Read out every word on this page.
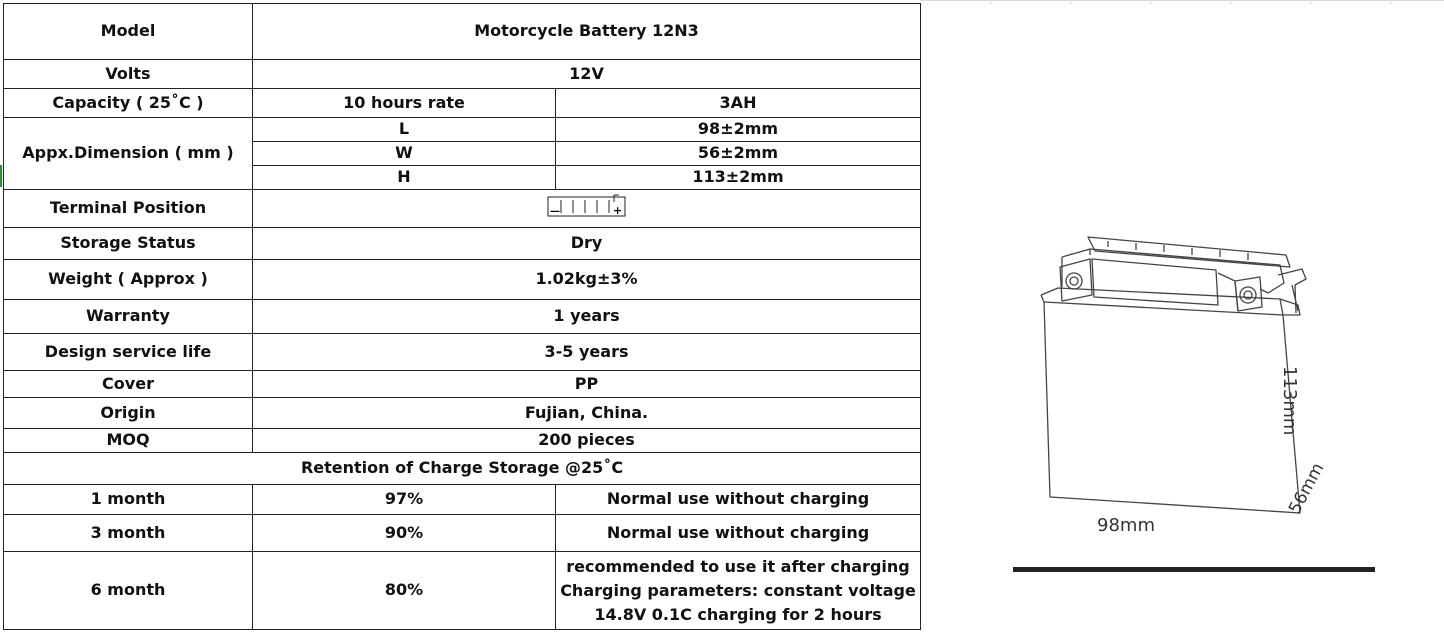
Model	Motorcycle Battery 12N3	
Volts	12V	
Capacity ( 25˚C )	10 hours rate	3AH
Appx.Dimension ( mm )	L	98±2mm
	W	56±2mm
	H	113±2mm
Terminal Position	— +	

Storage Status	Dry	
Weight ( Approx )	1.02kg±3%	
Warranty	1 years	
Design service life	3-5 years	
Cover	PP	
Origin	Fujian, China.	
MOQ	200 pieces	
Retention of Charge Storage @25˚C		
1 month	97%	Normal use without charging
3 month	90%	Normal use without charging
6 month	80%	recommended to use it after charging
Charging parameters: constant voltage
14.8V 0.1C charging for 2 hours
113mm
56mm
98mm
